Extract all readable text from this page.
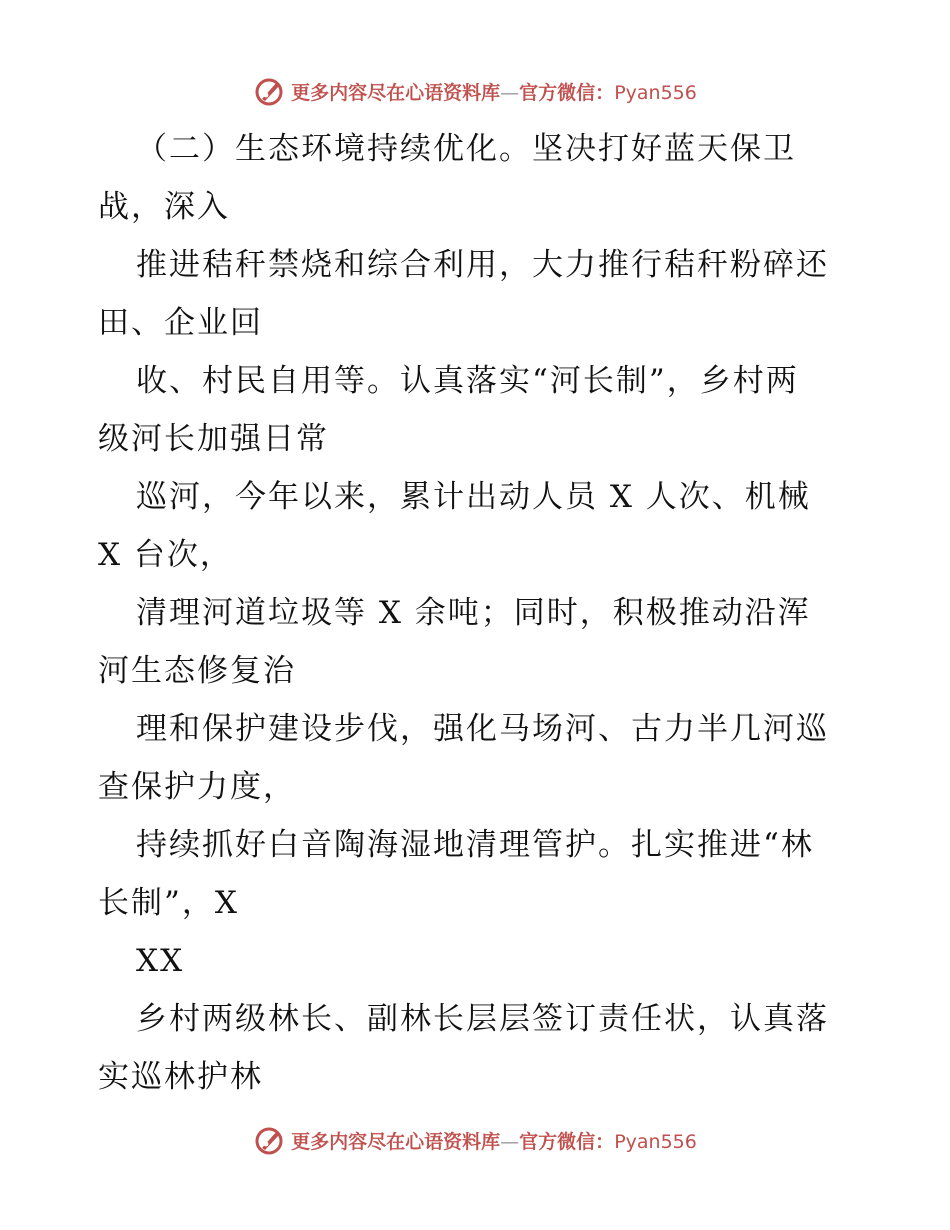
更多内容尽在心语资料库—官方微信：Pyan556
（二）生态环境持续优化。坚决打好蓝天保卫
战，深入
推进秸秆禁烧和综合利用，大力推行秸秆粉碎还
田、企业回
收、村民自用等。认真落实“河长制”，乡村两
级河长加强日常
巡河，今年以来，累计出动人员 X 人次、机械
X 台次，
清理河道垃圾等 X 余吨；同时，积极推动沿浑
河生态修复治
理和保护建设步伐，强化马场河、古力半几河巡
查保护力度，
持续抓好白音陶海湿地清理管护。扎实推进“林
长制”，X
XX
乡村两级林长、副林长层层签订责任状，认真落
实巡林护林
更多内容尽在心语资料库—官方微信：Pyan556
